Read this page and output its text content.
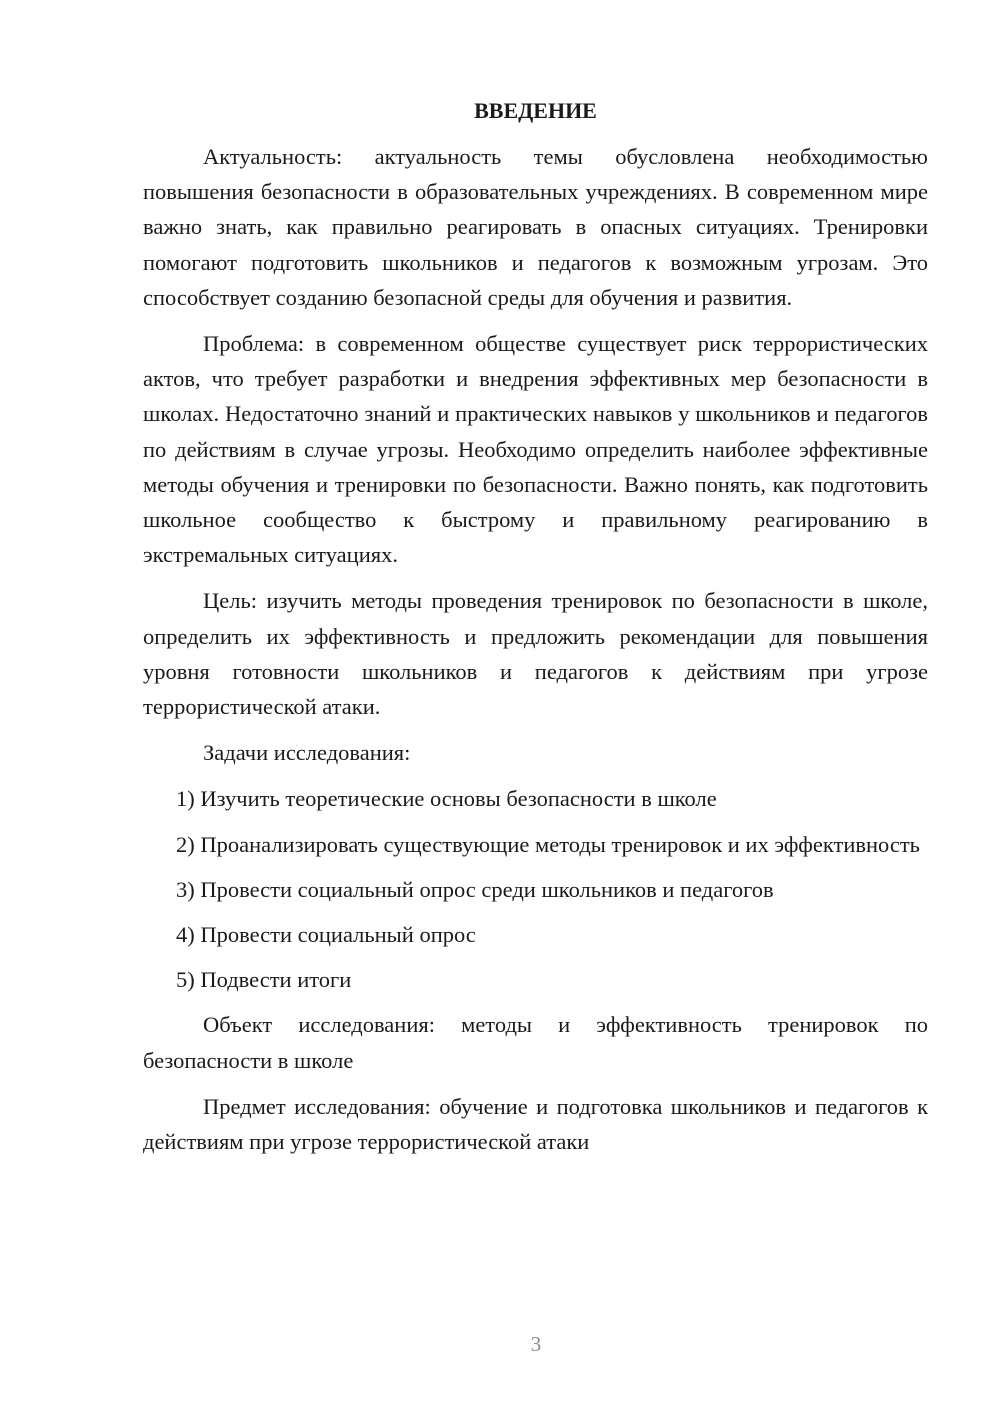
ВВЕДЕНИЕ

Актуальность: актуальность темы обусловлена необходимостью повышения безопасности в образовательных учреждениях. В современном мире важно знать, как правильно реагировать в опасных ситуациях. Тренировки помогают подготовить школьников и педагогов к возможным угрозам. Это способствует созданию безопасной среды для обучения и развития.

Проблема: в современном обществе существует риск террористических актов, что требует разработки и внедрения эффективных мер безопасности в школах. Недостаточно знаний и практических навыков у школьников и педагогов по действиям в случае угрозы. Необходимо определить наиболее эффективные методы обучения и тренировки по безопасности. Важно понять, как подготовить школьное сообщество к быстрому и правильному реагированию в экстремальных ситуациях.

Цель: изучить методы проведения тренировок по безопасности в школе, определить их эффективность и предложить рекомендации для повышения уровня готовности школьников и педагогов к действиям при угрозе террористической атаки.

Задачи исследования:

1) Изучить теоретические основы безопасности в школе

2) Проанализировать существующие методы тренировок и их эффективность

3) Провести социальный опрос среди школьников и педагогов

4) Провести социальный опрос

5) Подвести итоги

Объект исследования: методы и эффективность тренировок по безопасности в школе

Предмет исследования: обучение и подготовка школьников и педагогов к действиям при угрозе террористической атаки

3
